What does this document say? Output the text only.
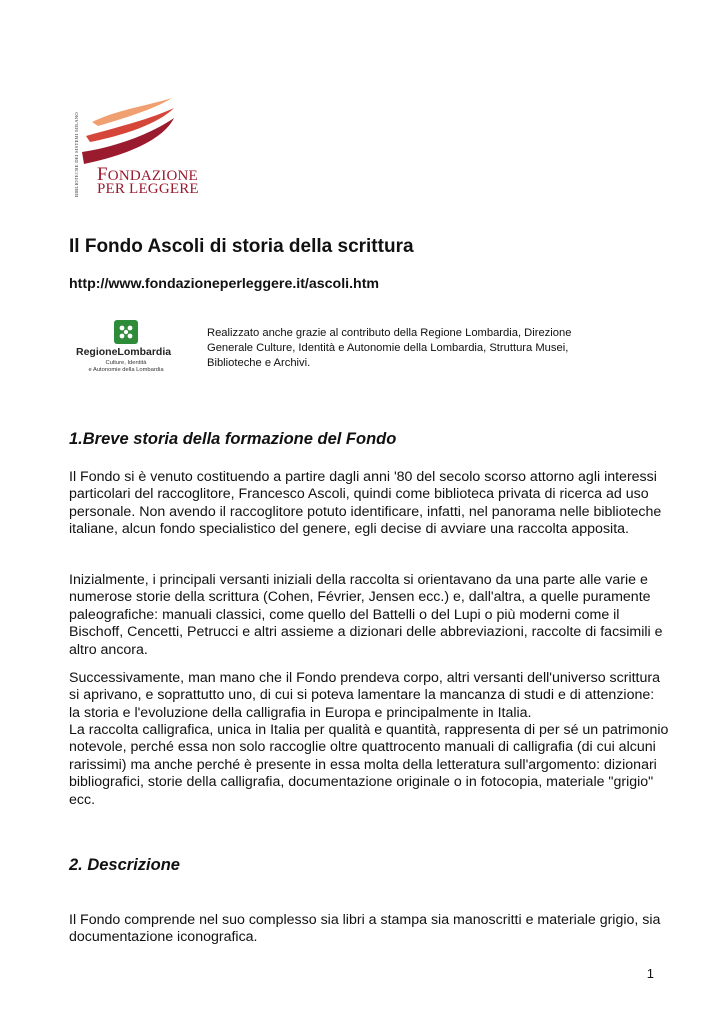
BIBLIOTECHE DEI SISTEMI MILANO FONDAZIONE
PER LEGGERE
Il Fondo Ascoli di storia della scrittura
http://www.fondazioneperleggere.it/ascoli.htm
RegioneLombardia
Culture, Identità
e Autonomie della Lombardia
Realizzato anche grazie al contributo della Regione Lombardia, Direzione Generale Culture, Identità e Autonomie della Lombardia, Struttura Musei, Biblioteche e Archivi.
1.Breve storia della formazione del Fondo

Il Fondo si è venuto costituendo a partire dagli anni '80 del secolo scorso attorno agli interessi particolari del raccoglitore, Francesco Ascoli, quindi come biblioteca privata di ricerca ad uso personale. Non avendo il raccoglitore potuto identificare, infatti, nel panorama nelle biblioteche italiane, alcun fondo specialistico del genere, egli decise di avviare una raccolta apposita.

Inizialmente, i principali versanti iniziali della raccolta si orientavano da una parte alle varie e numerose storie della scrittura (Cohen, Février, Jensen ecc.) e, dall'altra, a quelle puramente paleografiche: manuali classici, come quello del Battelli o del Lupi o più moderni come il Bischoff, Cencetti, Petrucci e altri assieme a dizionari delle abbreviazioni, raccolte di facsimili e altro ancora.

Successivamente, man mano che il Fondo prendeva corpo, altri versanti dell'universo scrittura si aprivano, e soprattutto uno, di cui si poteva lamentare la mancanza di studi e di attenzione: la storia e l'evoluzione della calligrafia in Europa e principalmente in Italia.

La raccolta calligrafica, unica in Italia per qualità e quantità, rappresenta di per sé un patrimonio notevole, perché essa non solo raccoglie oltre quattrocento manuali di calligrafia (di cui alcuni rarissimi) ma anche perché è presente in essa molta della letteratura sull'argomento: dizionari bibliografici, storie della calligrafia, documentazione originale o in fotocopia, materiale "grigio" ecc.

2. Descrizione

Il Fondo comprende nel suo complesso sia libri a stampa sia manoscritti e materiale grigio, sia documentazione iconografica.

1
